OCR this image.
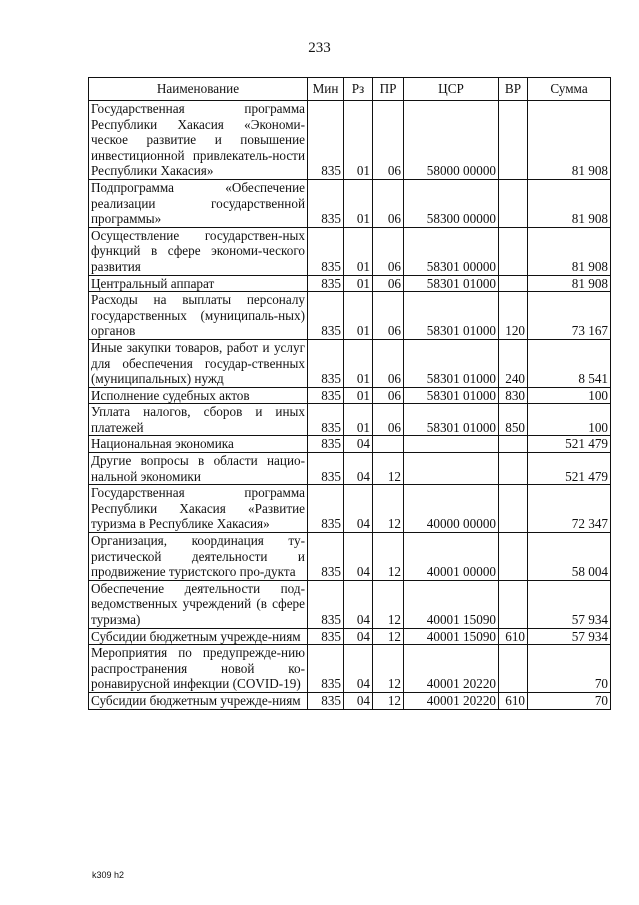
233
Наименование	Мин	Рз	ПР	ЦСР	ВР	Сумма
Государственная программа Республики Хакасия «Экономи-ческое развитие и повышение инвестиционной привлекатель-ности Республики Хакасия»	835	01	06	58000 00000		81 908
Подпрограмма «Обеспечение реализации государственной программы»	835	01	06	58300 00000		81 908
Осуществление государствен-ных функций в сфере экономи-ческого развития	835	01	06	58301 00000		81 908
Центральный аппарат	835	01	06	58301 01000		81 908
Расходы на выплаты персоналу государственных (муниципаль-ных) органов	835	01	06	58301 01000	120	73 167
Иные закупки товаров, работ и услуг для обеспечения государ-ственных (муниципальных) нужд	835	01	06	58301 01000	240	8 541
Исполнение судебных актов	835	01	06	58301 01000	830	100
Уплата налогов, сборов и иных платежей	835	01	06	58301 01000	850	100
Национальная экономика	835	04				521 479
Другие вопросы в области нацио-нальной экономики	835	04	12			521 479
Государственная программа Республики Хакасия «Развитие туризма в Республике Хакасия»	835	04	12	40000 00000		72 347
Организация, координация ту-ристической деятельности и продвижение туристского про-дукта	835	04	12	40001 00000		58 004
Обеспечение деятельности под-ведомственных учреждений (в сфере туризма)	835	04	12	40001 15090		57 934
Субсидии бюджетным учрежде-ниям	835	04	12	40001 15090	610	57 934
Мероприятия по предупрежде-нию распространения новой ко-ронавирусной инфекции (COVID-19)	835	04	12	40001 20220		70
Субсидии бюджетным учрежде-ниям	835	04	12	40001 20220	610	70
k309 h2
